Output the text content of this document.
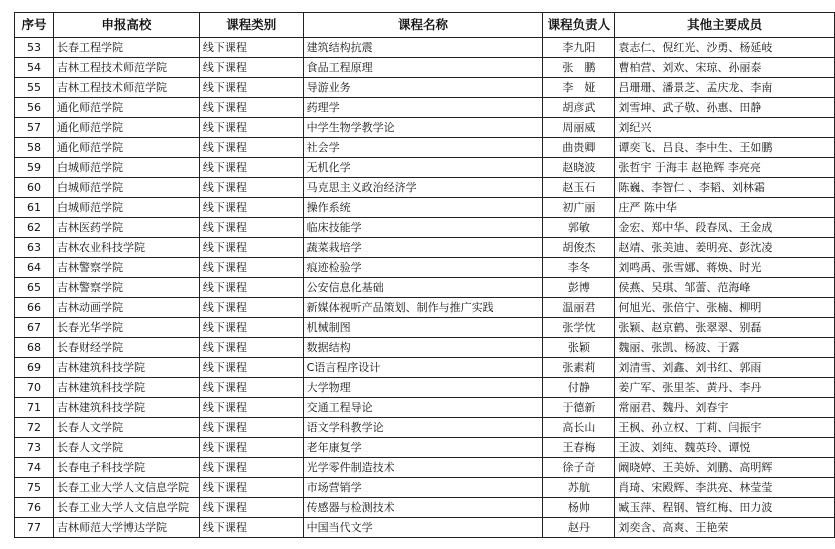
序号	申报高校	课程类别	课程名称	课程负责人	其他主要成员
53	长春工程学院	线下课程	建筑结构抗震	李九阳	袁志仁、倪红光、沙勇、杨延岐
54	吉林工程技术师范学院	线下课程	食品工程原理	张　鹏	曹柏营、刘欢、宋琼、孙丽泰
55	吉林工程技术师范学院	线下课程	导游业务	李　娅	吕珊珊、潘景芝、孟庆龙、李南
56	通化师范学院	线下课程	药理学	胡彦武	刘雪坤、武子敬、孙惠、田静
57	通化师范学院	线下课程	中学生物学教学论	周丽威	刘纪兴
58	通化师范学院	线下课程	社会学	曲贵卿	谭奕飞、吕良、李中生、王如鹏
59	白城师范学院	线下课程	无机化学	赵晓波	张哲宇 于海丰 赵艳辉 李亮亮
60	白城师范学院	线下课程	马克思主义政治经济学	赵玉石	陈巍、李智仁 、李韬、刘林霜
61	白城师范学院	线下课程	操作系统	初广丽	庄严 陈中华
62	吉林医药学院	线下课程	临床技能学	郭敏	金宏、郑中华、段春凤、王金成
63	吉林农业科技学院	线下课程	蔬菜栽培学	胡俊杰	赵靖、张美迪、姜明亮、彭沈凌
64	吉林警察学院	线下课程	痕迹检验学	李冬	刘鸣禹、张雪娜、蒋焕、时光
65	吉林警察学院	线下课程	公安信息化基础	彭博	侯燕、吴琪、邹蕾、范海峰
66	吉林动画学院	线下课程	新媒体视听产品策划、制作与推广实践	温丽君	何旭光、张倍宁、张楠、柳明
67	长春光华学院	线下课程	机械制图	张学忱	张颖、赵京鹤、张翠翠、别磊
68	长春财经学院	线下课程	数据结构	张颖	魏丽、张凯、杨波、于露
69	吉林建筑科技学院	线下课程	C语言程序设计	张素莉	刘清雪、刘鑫、刘书红、郭雨
70	吉林建筑科技学院	线下课程	大学物理	付静	姜广军、张里荃、黄丹、李丹
71	吉林建筑科技学院	线下课程	交通工程导论	于德新	常丽君、魏丹、刘春宇
72	长春人文学院	线下课程	语文学科教学论	高长山	王枫、孙立权、丁莉、闫振宇
73	长春人文学院	线下课程	老年康复学	王春梅	王波、刘纯、魏英玲、谭悦
74	长春电子科技学院	线下课程	光学零件制造技术	徐子奇	阚晓婷、王美娇、刘鹏、高明辉
75	长春工业大学人文信息学院	线下课程	市场营销学	苏航	肖琦、宋殿辉、李洪亮、林莹莹
76	长春工业大学人文信息学院	线下课程	传感器与检测技术	杨帅	臧玉萍、程钢、管红梅、田力波
77	吉林师范大学博达学院	线下课程	中国当代文学	赵丹	刘奕含、高爽、王艳荣
